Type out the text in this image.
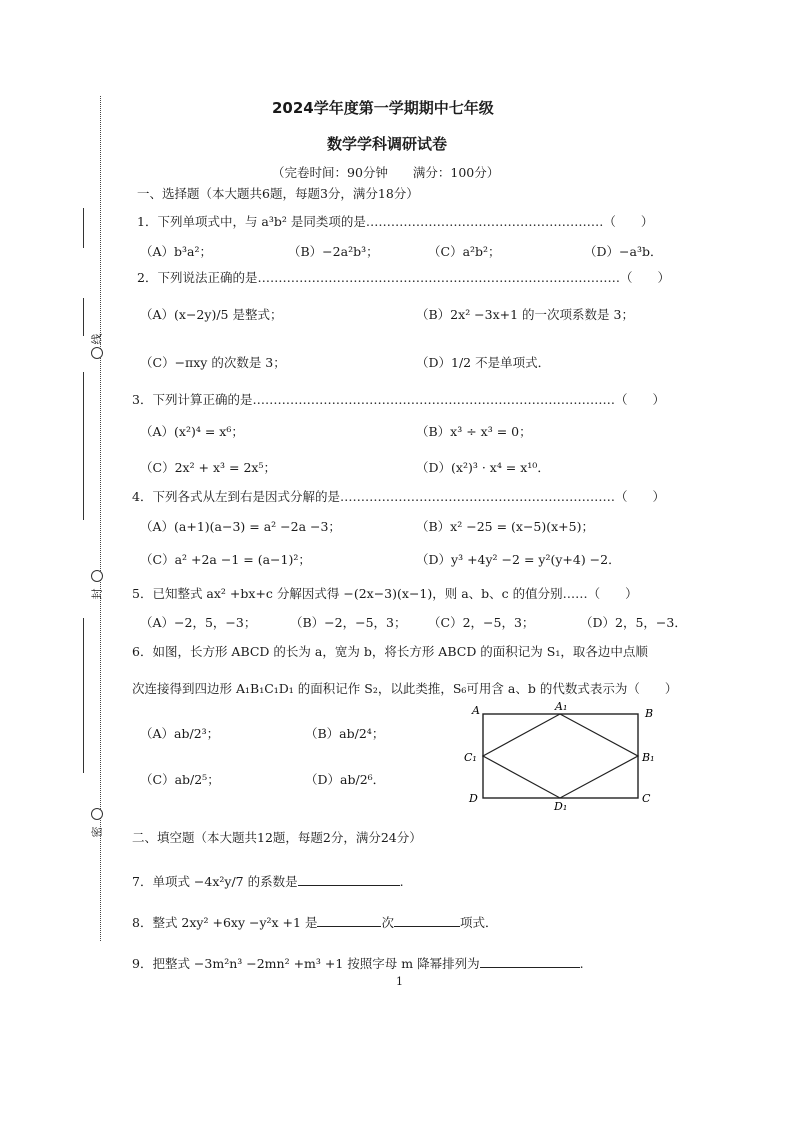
线
封
密
2024学年度第一学期期中七年级
数学学科调研试卷
（完卷时间：90分钟　　满分：100分）
一、选择题（本大题共6题，每题3分，满分18分）
1．下列单项式中，与 a³b² 是同类项的是…………………………………………………（　　）
（A）b³a²；	（B）−2a²b³；	（C）a²b²；	（D）−a³b．
2．下列说法正确的是……………………………………………………………………………（　　）
（A）(x−2y)/5 是整式；	（B）2x² −3x+1 的一次项系数是 3；
（C）−πxy 的次数是 3；	（D）1/2 不是单项式．
3．下列计算正确的是……………………………………………………………………………（　　）
（A）(x²)⁴ = x⁶；	（B）x³ ÷ x³ = 0；
（C）2x² + x³ = 2x⁵；	（D）(x²)³ · x⁴ = x¹⁰．
4．下列各式从左到右是因式分解的是…………………………………………………………（　　）
（A）(a+1)(a−3) = a² −2a −3；	（B）x² −25 = (x−5)(x+5)；
（C）a² +2a −1 = (a−1)²；	（D）y³ +4y² −2 = y²(y+4) −2．
5．已知整式 ax² +bx+c 分解因式得 −(2x−3)(x−1)，则 a、b、c 的值分别……（　　）
（A）−2，5，−3；	（B）−2，−5，3； （C）2，−5，3；	（D）2，5，−3．
6．如图，长方形 ABCD 的长为 a，宽为 b，将长方形 ABCD 的面积记为 S₁，取各边中点顺
次连接得到四边形 A₁B₁C₁D₁ 的面积记作 S₂，以此类推，S₆可用含 a、b 的代数式表示为（　　）
（A）ab/2³；	（B）ab/2⁴；
（C）ab/2⁵；	（D）ab/2⁶．
A	A₁
B
C₁	B₁
D
D₁
C
二、填空题（本大题共12题，每题2分，满分24分）
7．单项式 −4x²y/7 的系数是	.
8．整式 2xy² +6xy −y²x +1 是	次	项式．
9．把整式 −3m²n³ −2mn² +m³ +1 按照字母 m 降幂排列为	.
1
